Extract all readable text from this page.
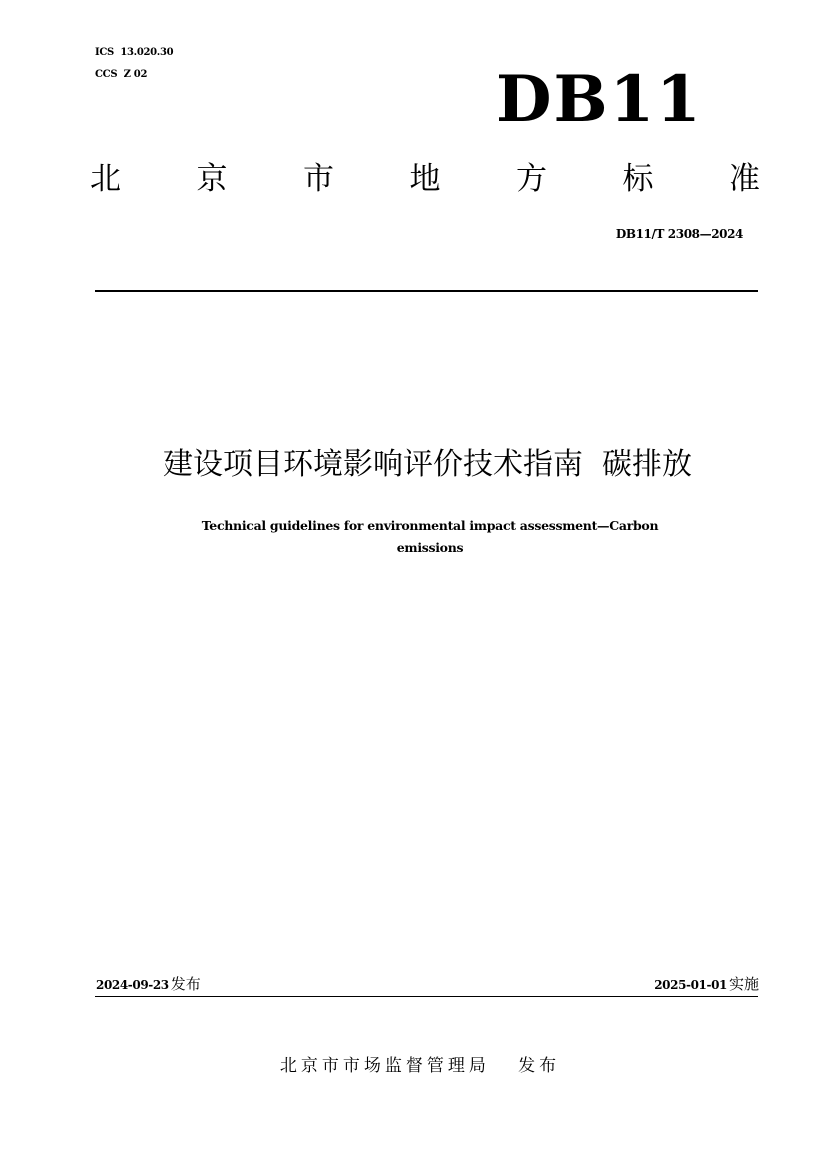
ICS  13.020.30
CCS  Z 02	DB11
北 京 市 地 方 标 准
DB11/T 2308—2024
建设项目环境影响评价技术指南  碳排放
Technical guidelines for environmental impact assessment—Carbon
emissions
2024-09-23 发布	2025-01-01 实施
北京市市场监督管理局   发布
